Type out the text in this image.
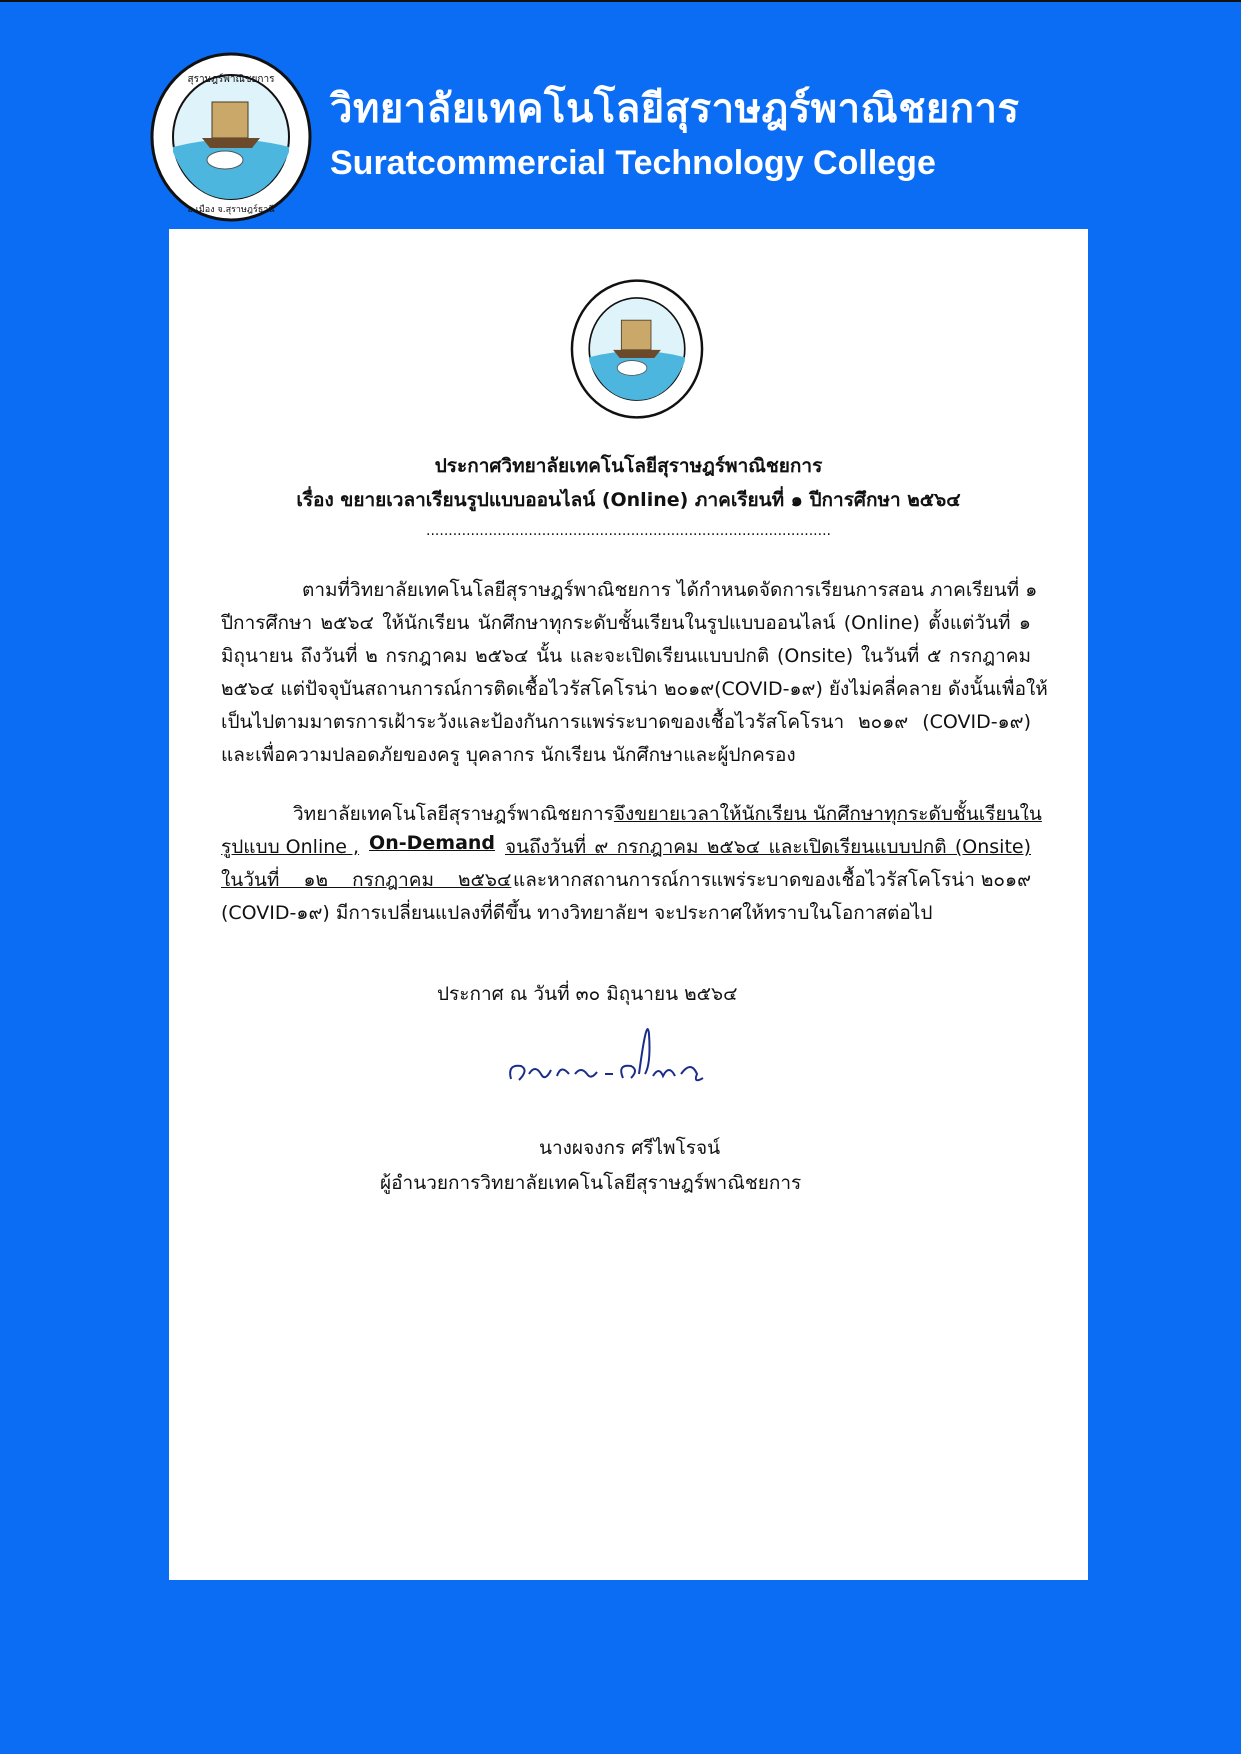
สุราษฎร์พาณิชยการ
อ.เมือง จ.สุราษฎร์ธานี
วิทยาลัยเทคโนโลยีสุราษฎร์พาณิชยการ
Suratcommercial Technology College
ประกาศวิทยาลัยเทคโนโลยีสุราษฎร์พาณิชยการ
เรื่อง ขยายเวลาเรียนรูปแบบออนไลน์ (Online) ภาคเรียนที่ ๑ ปีการศึกษา ๒๕๖๔
...........................................................................................
ตามที่วิทยาลัยเทคโนโลยีสุราษฎร์พาณิชยการ ได้กำหนดจัดการเรียนการสอน ภาคเรียนที่ ๑
ปีการศึกษา ๒๕๖๔ ให้นักเรียน นักศึกษาทุกระดับชั้นเรียนในรูปแบบออนไลน์ (Online) ตั้งแต่วันที่ ๑
มิถุนายน ถึงวันที่ ๒ กรกฎาคม ๒๕๖๔ นั้น และจะเปิดเรียนแบบปกติ (Onsite) ในวันที่ ๕ กรกฎาคม
๒๕๖๔ แต่ปัจจุบันสถานการณ์การติดเชื้อไวรัสโคโรน่า ๒๐๑๙(COVID-๑๙) ยังไม่คลี่คลาย ดังนั้นเพื่อให้
เป็นไปตามมาตรการเฝ้าระวังและป้องกันการแพร่ระบาดของเชื้อไวรัสโคโรนา ๒๐๑๙ (COVID-๑๙)
และเพื่อความปลอดภัยของครู บุคลากร นักเรียน นักศึกษาและผู้ปกครอง
วิทยาลัยเทคโนโลยีสุราษฎร์พาณิชยการ จึงขยายเวลาให้นักเรียน นักศึกษาทุกระดับชั้นเรียนใน
รูปแบบ Online , On-Demand จนถึงวันที่ ๙ กรกฎาคม ๒๕๖๔ และเปิดเรียนแบบปกติ (Onsite)
ในวันที่ ๑๒ กรกฎาคม ๒๕๖๔ และหากสถานการณ์การแพร่ระบาดของเชื้อไวรัสโคโรน่า ๒๐๑๙
(COVID-๑๙) มีการเปลี่ยนแปลงที่ดีขึ้น ทางวิทยาลัยฯ จะประกาศให้ทราบในโอกาสต่อไป
ประกาศ ณ วันที่ ๓๐ มิถุนายน ๒๕๖๔
นางผจงกร ศรีไพโรจน์
ผู้อำนวยการวิทยาลัยเทคโนโลยีสุราษฎร์พาณิชยการ
